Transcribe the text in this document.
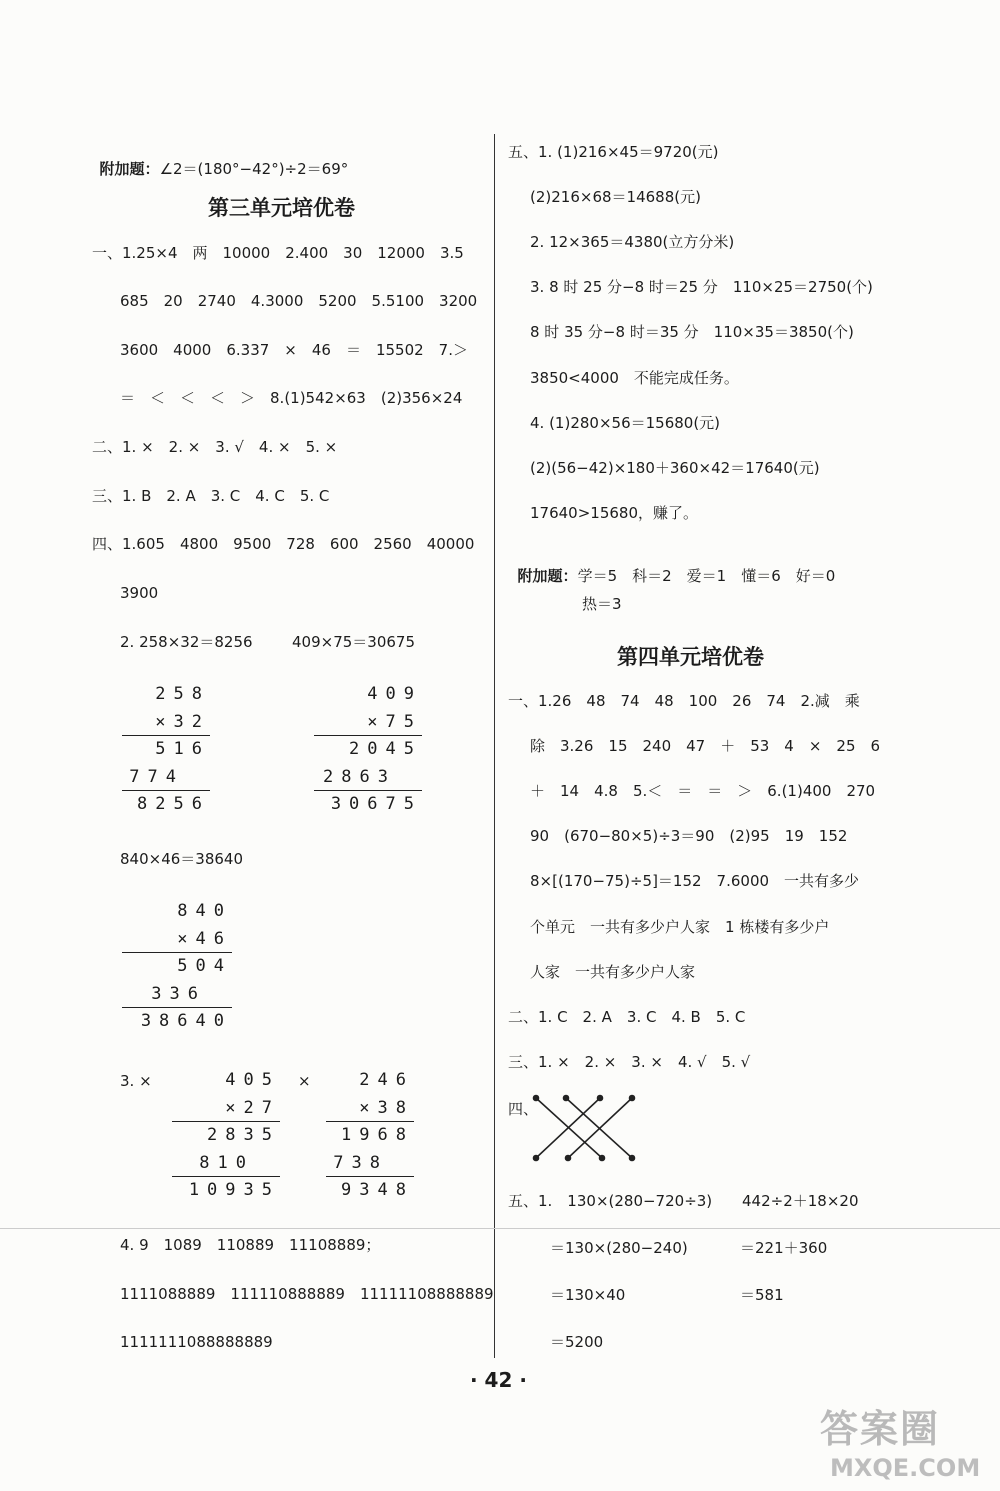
附加题：∠2＝(180°−42°)÷2＝69°

第三单元培优卷
一、1.25×4　两　10000　2.400　30　12000　3.5
685　20　2740　4.3000　5200　5.5100　3200
3600　4000　6.337　×　46　＝　15502　7.＞
＝　＜　＜　＜　＞　8.(1)542×63　(2)356×24
二、1. ×　2. ×　3. √　4. ×　5. ×
三、1. B　2. A　3. C　4. C　5. C
四、1.605　4800　9500　728　600　2560　40000
3900
2. 258×32＝8256	409×75＝30675
258
×32
516
774
8256
409
×75
2045
2863
30675
840×46＝38640
840
×46
504
336
38640
3. ×	405
×27
2835
810
10935
×	246
×38
1968
738
9348
4. 9　1089　110889　11108889；
1111088889　111110888889　11111108888889
1111111088888889
五、1. (1)216×45＝9720(元)
(2)216×68＝14688(元)
2. 12×365＝4380(立方分米)
3. 8 时 25 分−8 时＝25 分　110×25＝2750(个)
8 时 35 分−8 时＝35 分　110×35＝3850(个)
3850<4000　不能完成任务。
4. (1)280×56＝15680(元)
(2)(56−42)×180＋360×42＝17640(元)
17640>15680，赚了。

附加题：学＝5　科＝2　爱＝1　懂＝6　好＝0

热＝3
第四单元培优卷
一、1.26　48　74　48　100　26　74　2.减　乘
除　3.26　15　240　47　＋　53　4　×　25　6
＋　14　4.8　5.＜　＝　＝　＞　6.(1)400　270
90　(670−80×5)÷3＝90　(2)95　19　152
8×[(170−75)÷5]＝152　7.6000　一共有多少
个单元　一共有多少户人家　1 栋楼有多少户
人家　一共有多少户人家
二、1. C　2. A　3. C　4. B　5. C
三、1. ×　2. ×　3. ×　4. √　5. √
四、
五、1.　130×(280−720÷3) 442÷2＋18×20
＝130×(280−240)	＝221＋360
＝130×40	＝581
＝5200
· 42 ·
答案圈
MXQE.COM
